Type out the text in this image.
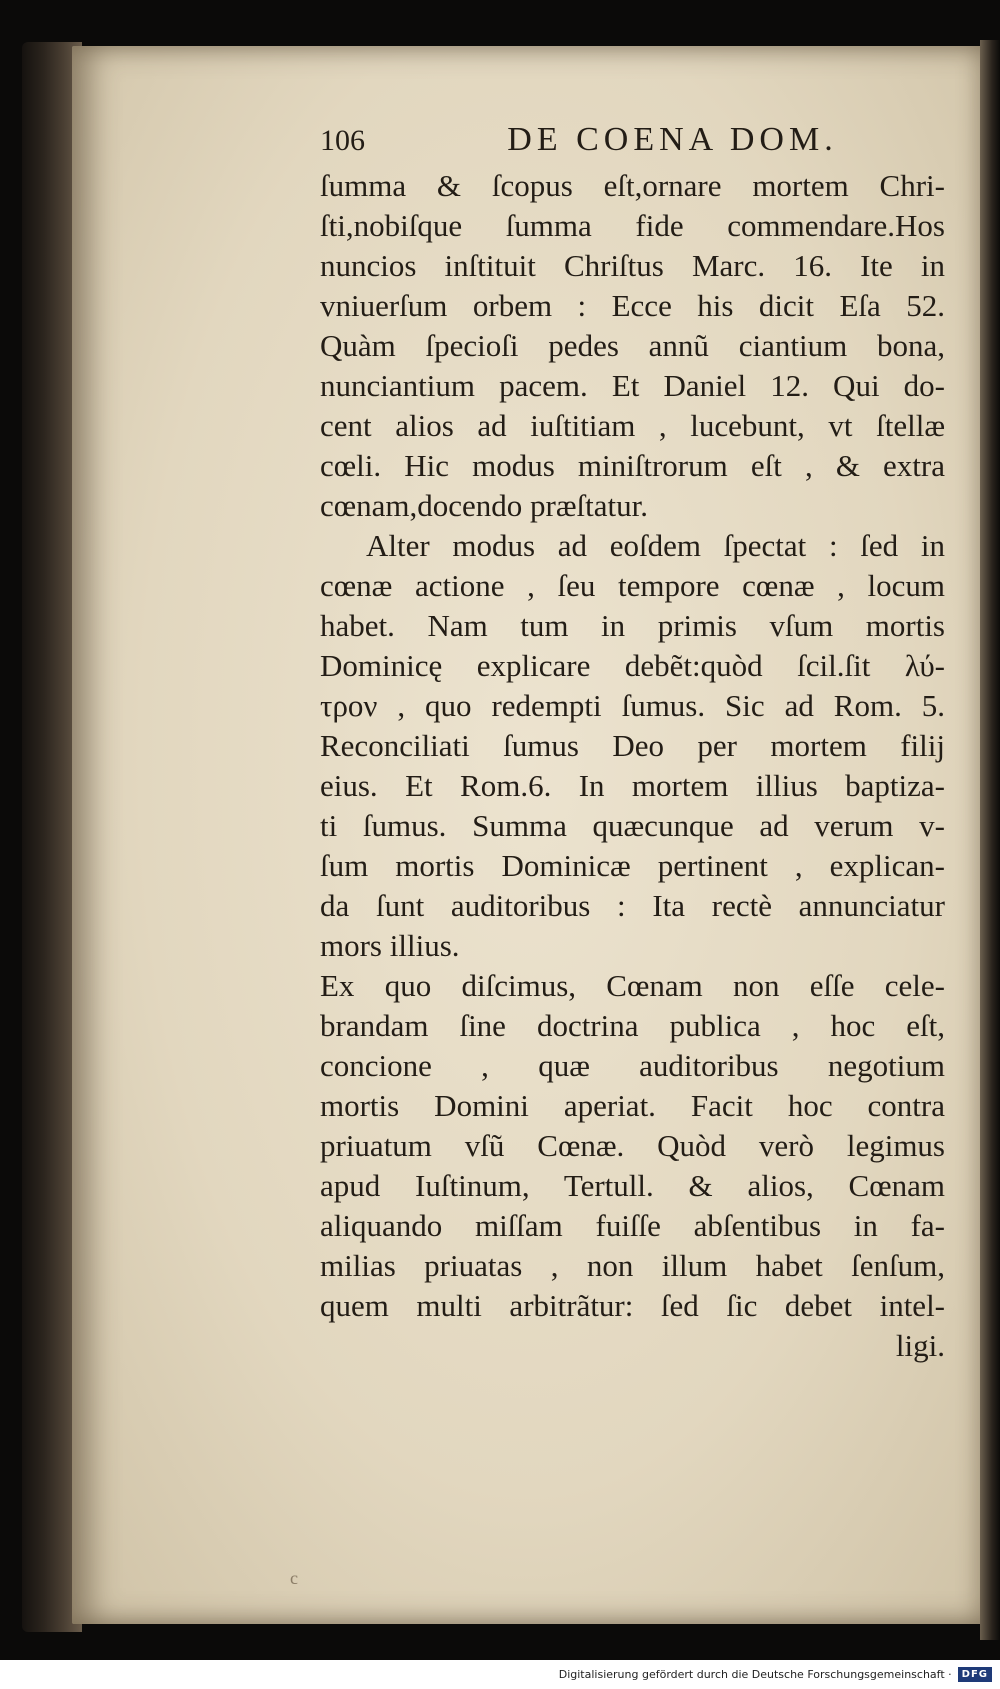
106	DE COENA DOM.
ſumma & ſcopus eſt,ornare mortem Chri-
ſti,nobiſque ſumma fide commendare.Hos
nuncios inſtituit Chriſtus Marc. 16. Ite in
vniuerſum orbem : Ecce his dicit Eſa 52.
Quàm ſpecioſi pedes annũ ciantium bona,
nunciantium pacem. Et Daniel 12. Qui do-
cent alios ad iuſtitiam , lucebunt, vt ſtellæ
cœli. Hic modus miniſtrorum eſt , & extra
cœnam,docendo præſtatur.
Alter modus ad eoſdem ſpectat : ſed in
cœnæ actione , ſeu tempore cœnæ , locum
habet. Nam tum in primis vſum mortis
Dominicę explicare debẽt:quòd ſcil.ſit λύ-
τρον , quo redempti ſumus. Sic ad Rom. 5.
Reconciliati ſumus Deo per mortem filij
eius. Et Rom.6. In mortem illius baptiza-
ti ſumus. Summa quæcunque ad verum v-
ſum mortis Dominicæ pertinent , explican-
da ſunt auditoribus : Ita rectè annunciatur
mors illius.
Ex quo diſcimus, Cœnam non eſſe cele-
brandam ſine doctrina publica , hoc eſt,
concione , quæ auditoribus negotium
mortis Domini aperiat. Facit hoc contra
priuatum vſũ Cœnæ. Quòd verò legimus
apud Iuſtinum, Tertull. & alios, Cœnam
aliquando miſſam fuiſſe abſentibus in fa-
milias priuatas , non illum habet ſenſum,
quem multi arbitrãtur: ſed ſic debet intel-
ligi.
c
Digitalisierung gefördert durch die Deutsche Forschungsgemeinschaft ·	DFG
